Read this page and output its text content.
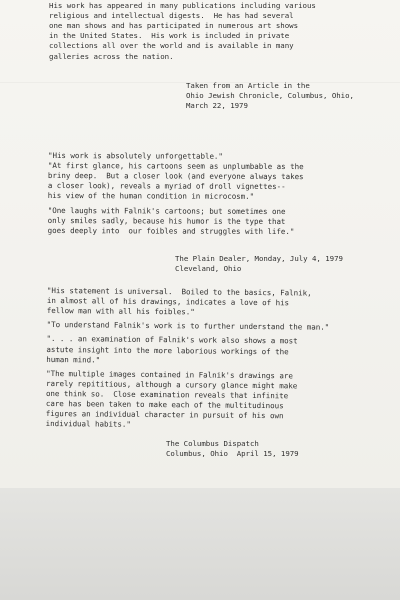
His work has appeared in many publications including various

religious and intellectual digests.  He has had several

one man shows and has participated in numerous art shows

in the United States.  His work is included in private

collections all over the world and is available in many

galleries across the nation.

Taken from an Article in the

Ohio Jewish Chronicle, Columbus, Ohio,

March 22, 1979

"His work is absolutely unforgettable."

"At first glance, his cartoons seem as unplumbable as the

briny deep.  But a closer look (and everyone always takes

a closer look), reveals a myriad of droll vignettes--

his view of the human condition in microcosm."

"One laughs with Falnik's cartoons; but sometimes one

only smiles sadly, because his humor is the type that

goes deeply into  our foibles and struggles with life."

The Plain Dealer, Monday, July 4, 1979

Cleveland, Ohio

"His statement is universal.  Boiled to the basics, Falnik,

in almost all of his drawings, indicates a love of his

fellow man with all his foibles."

"To understand Falnik's work is to further understand the man."

". . . an examination of Falnik's work also shows a most

astute insight into the more laborious workings of the

human mind."

"The multiple images contained in Falnik's drawings are

rarely repititious, although a cursory glance might make

one think so.  Close examination reveals that infinite

care has been taken to make each of the multitudinous

figures an individual character in pursuit of his own

individual habits."

The Columbus Dispatch

Columbus, Ohio  April 15, 1979
